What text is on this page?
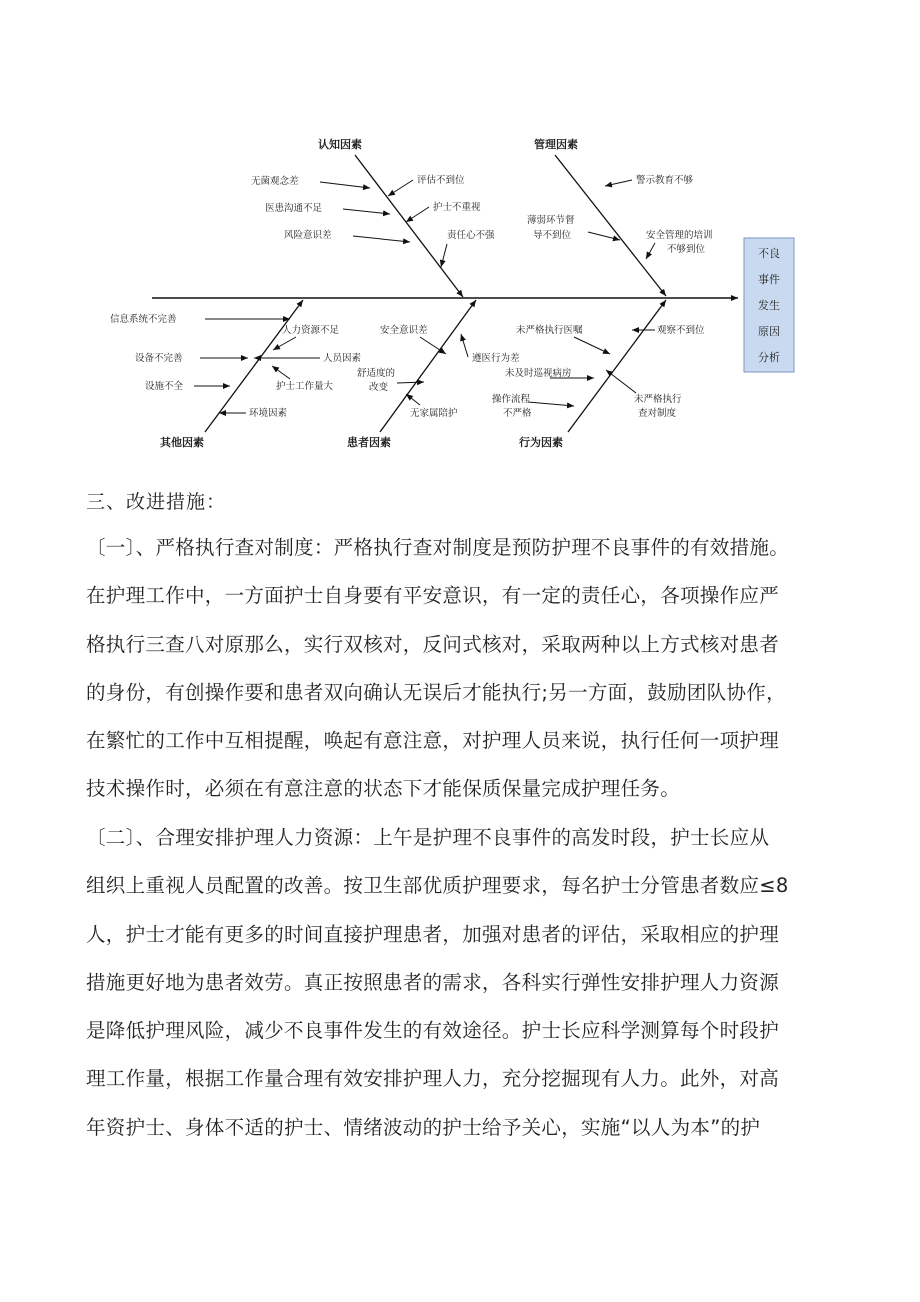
不良
事件
发生
原因
分析
认知因素	管理因素
其他因素	患者因素	行为因素
无菌观念差
医患沟通不足
风险意识差
评估不到位
护士不重视
责任心不强
警示教育不够
薄弱环节督
导不到位	安全管理的培训
不够到位
信息系统不完善
设备不完善
设施不全
人力资源不足
人员因素
护士工作量大
环境因素
安全意识差
遵医行为差
舒适度的
改变
无家属陪护
未严格执行医嘱
未及时巡视病房
操作流程
不严格
观察不到位
未严格执行
查对制度
三、改进措施：
〔一〕、严格执行查对制度：严格执行查对制度是预防护理不良事件的有效措施。
在护理工作中，一方面护士自身要有平安意识，有一定的责任心，各项操作应严
格执行三查八对原那么，实行双核对，反问式核对，采取两种以上方式核对患者
的身份，有创操作要和患者双向确认无误后才能执行;另一方面，鼓励团队协作，
在繁忙的工作中互相提醒，唤起有意注意，对护理人员来说，执行任何一项护理
技术操作时，必须在有意注意的状态下才能保质保量完成护理任务。
〔二〕、合理安排护理人力资源：上午是护理不良事件的高发时段，护士长应从
组织上重视人员配置的改善。按卫生部优质护理要求，每名护士分管患者数应≤8
人，护士才能有更多的时间直接护理患者，加强对患者的评估，采取相应的护理
措施更好地为患者效劳。真正按照患者的需求，各科实行弹性安排护理人力资源
是降低护理风险，减少不良事件发生的有效途径。护士长应科学测算每个时段护
理工作量，根据工作量合理有效安排护理人力，充分挖掘现有人力。此外，对高
年资护士、身体不适的护士、情绪波动的护士给予关心，实施“以人为本”的护
